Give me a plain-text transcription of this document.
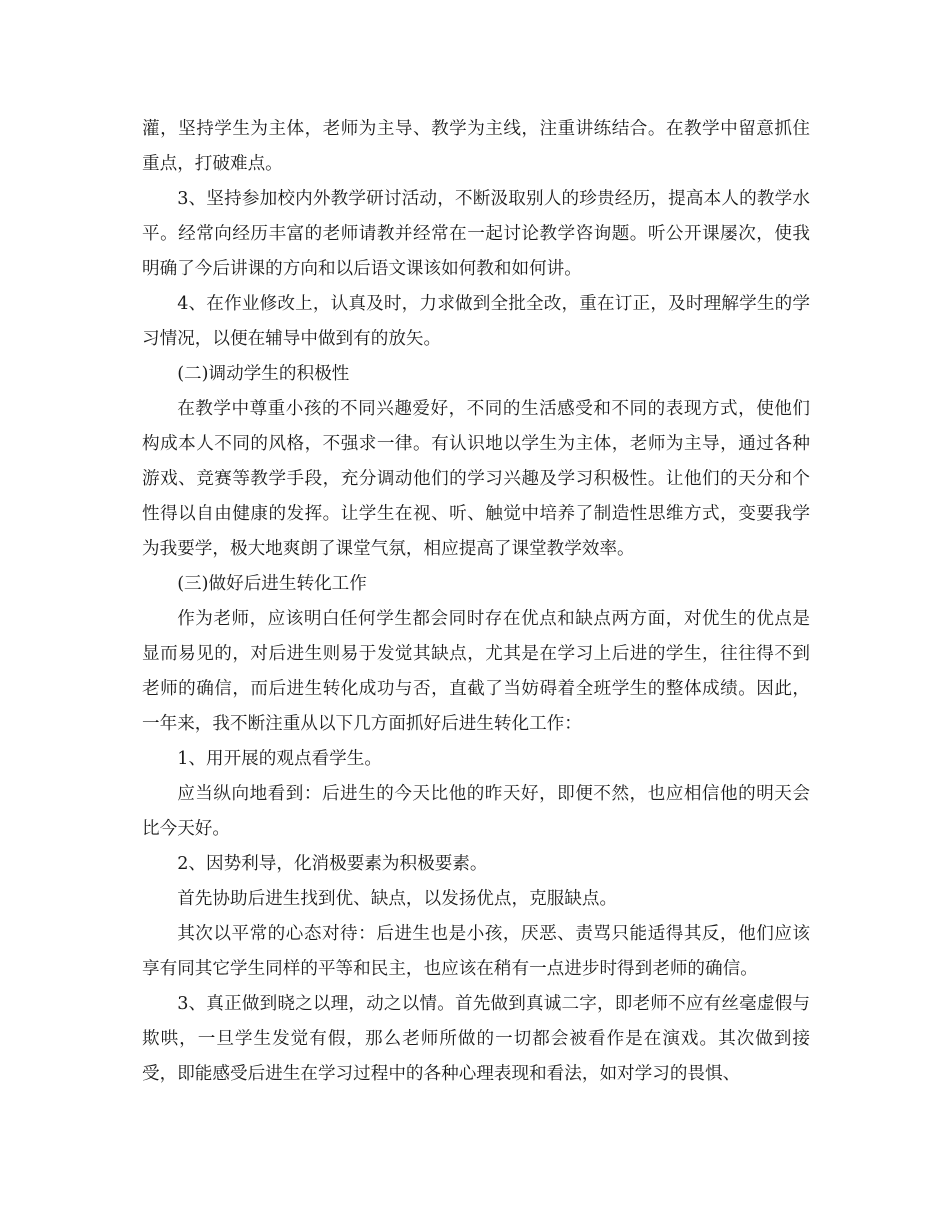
灌，坚持学生为主体，老师为主导、教学为主线，注重讲练结合。在教学中留意抓住重点，打破难点。

3、坚持参加校内外教学研讨活动，不断汲取别人的珍贵经历，提高本人的教学水平。经常向经历丰富的老师请教并经常在一起讨论教学咨询题。听公开课屡次，使我明确了今后讲课的方向和以后语文课该如何教和如何讲。

4、在作业修改上，认真及时，力求做到全批全改，重在订正，及时理解学生的学习情况，以便在辅导中做到有的放矢。

(二)调动学生的积极性

在教学中尊重小孩的不同兴趣爱好，不同的生活感受和不同的表现方式，使他们构成本人不同的风格，不强求一律。有认识地以学生为主体，老师为主导，通过各种游戏、竞赛等教学手段，充分调动他们的学习兴趣及学习积极性。让他们的天分和个性得以自由健康的发挥。让学生在视、听、触觉中培养了制造性思维方式，变要我学为我要学，极大地爽朗了课堂气氛，相应提高了课堂教学效率。

(三)做好后进生转化工作

作为老师，应该明白任何学生都会同时存在优点和缺点两方面，对优生的优点是显而易见的，对后进生则易于发觉其缺点，尤其是在学习上后进的学生，往往得不到老师的确信，而后进生转化成功与否，直截了当妨碍着全班学生的整体成绩。因此，一年来，我不断注重从以下几方面抓好后进生转化工作：

1、用开展的观点看学生。

应当纵向地看到：后进生的今天比他的昨天好，即便不然，也应相信他的明天会比今天好。

2、因势利导，化消极要素为积极要素。

首先协助后进生找到优、缺点，以发扬优点，克服缺点。

其次以平常的心态对待：后进生也是小孩，厌恶、责骂只能适得其反，他们应该享有同其它学生同样的平等和民主，也应该在稍有一点进步时得到老师的确信。

3、真正做到晓之以理，动之以情。首先做到真诚二字，即老师不应有丝毫虚假与欺哄，一旦学生发觉有假，那么老师所做的一切都会被看作是在演戏。其次做到接受，即能感受后进生在学习过程中的各种心理表现和看法，如对学习的畏惧、
